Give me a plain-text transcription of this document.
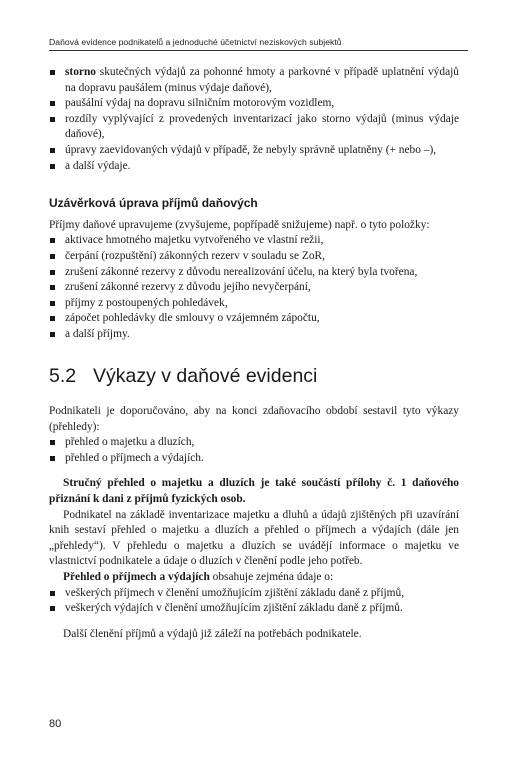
Daňová evidence podnikatelů a jednoduché účetnictví neziskových subjektů
storno skutečných výdajů za pohonné hmoty a parkovné v případě uplatnění výdajů na dopravu paušálem (minus výdaje daňové),
paušální výdaj na dopravu silničním motorovým vozidlem,
rozdíly vyplývající z provedených inventarizací jako storno výdajů (minus výdaje daňové),
úpravy zaevidovaných výdajů v případě, že nebyly správně uplatněny (+ nebo –),
a další výdaje.
Uzávěrková úprava příjmů daňových

Příjmy daňové upravujeme (zvyšujeme, popřípadě snižujeme) např. o tyto položky:

aktivace hmotného majetku vytvořeného ve vlastní režii,
čerpání (rozpuštění) zákonných rezerv v souladu se ZoR,
zrušení zákonné rezervy z důvodu nerealizování účelu, na který byla tvořena,
zrušení zákonné rezervy z důvodu jejího nevyčerpání,
příjmy z postoupených pohledávek,
zápočet pohledávky dle smlouvy o vzájemném zápočtu,
a další příjmy.
5.2 Výkazy v daňové evidenci

Podnikateli je doporučováno, aby na konci zdaňovacího období sestavil tyto výkazy (přehledy):

přehled o majetku a dluzích,
přehled o příjmech a výdajích.

Stručný přehled o majetku a dluzích je také součástí přílohy č. 1 daňového přiznání k dani z příjmů fyzických osob.

Podnikatel na základě inventarizace majetku a dluhů a údajů zjištěných při uzavírání knih sestaví přehled o majetku a dluzích a přehled o příjmech a výdajích (dále jen „přehledy“). V přehledu o majetku a dluzích se uvádějí informace o majetku ve vlastnictví podnikatele a údaje o dluzích v členění podle jeho potřeb.

Přehled o příjmech a výdajích obsahuje zejména údaje o:

veškerých příjmech v členění umožňujícím zjištění základu daně z příjmů,
veškerých výdajích v členění umožňujícím zjištění základu daně z příjmů.

Další členění příjmů a výdajů již záleží na potřebách podnikatele.

80
